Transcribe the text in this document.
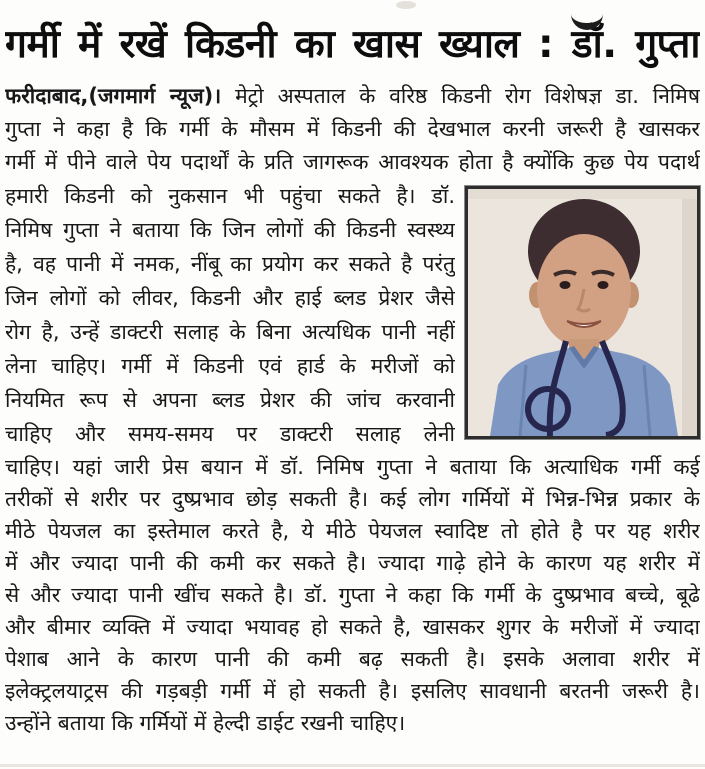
गर्मी में रखें किडनी का खास ख्याल : डॉ. गुप्ता
फरीदाबाद,(जगमार्ग न्यूज)। मेट्रो अस्पताल के वरिष्ठ किडनी रोग विशेषज्ञ डा. निमिष
गुप्ता ने कहा है कि गर्मी के मौसम में किडनी की देखभाल करनी जरूरी है खासकर
गर्मी में पीने वाले पेय पदार्थों के प्रति जागरूक आवश्यक होता है क्योंकि कुछ पेय पदार्थ
हमारी किडनी को नुकसान भी पहुंचा सकते है। डॉ.
निमिष गुप्ता ने बताया कि जिन लोगों की किडनी स्वस्थ्य
है, वह पानी में नमक, नींबू का प्रयोग कर सकते है परंतु
जिन लोगों को लीवर, किडनी और हाई ब्लड प्रेशर जैसे
रोग है, उन्हें डाक्टरी सलाह के बिना अत्यधिक पानी नहीं
लेना चाहिए। गर्मी में किडनी एवं हार्ड के मरीजों को
नियमित रूप से अपना ब्लड प्रेशर की जांच करवानी
चाहिए और समय-समय पर डाक्टरी सलाह लेनी
चाहिए। यहां जारी प्रेस बयान में डॉ. निमिष गुप्ता ने बताया कि अत्याधिक गर्मी कई
तरीकों से शरीर पर दुष्प्रभाव छोड़ सकती है। कई लोग गर्मियों में भिन्न-भिन्न प्रकार के
मीठे पेयजल का इस्तेमाल करते है, ये मीठे पेयजल स्वादिष्ट तो होते है पर यह शरीर
में और ज्यादा पानी की कमी कर सकते है। ज्यादा गाढ़े होने के कारण यह शरीर में
से और ज्यादा पानी खींच सकते है। डॉ. गुप्ता ने कहा कि गर्मी के दुष्प्रभाव बच्चे, बूढे
और बीमार व्यक्ति में ज्यादा भयावह हो सकते है, खासकर शुगर के मरीजों में ज्यादा
पेशाब आने के कारण पानी की कमी बढ़ सकती है। इसके अलावा शरीर में
इलेक्ट्रलयाट्रस की गड़बड़ी गर्मी में हो सकती है। इसलिए सावधानी बरतनी जरूरी है।
उन्होंने बताया कि गर्मियों में हेल्दी डाईट रखनी चाहिए।
